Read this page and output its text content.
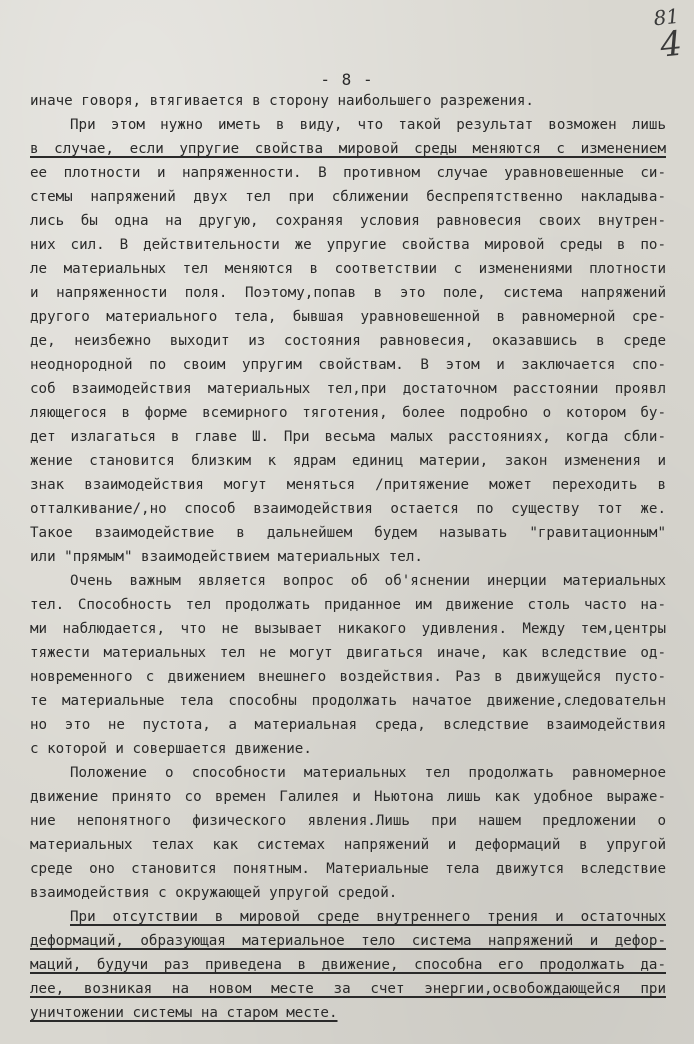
81
4
- 8 -
иначе говоря, втягивается в сторону наибольшего разрежения.
При этом нужно иметь в виду, что такой результат возможен лишь
в случае, если упругие свойства мировой среды меняются с изменением
ее плотности и напряженности. В противном случае уравновешенные си-
стемы напряжений двух тел при сближении беспрепятственно накладыва-
лись бы одна на другую, сохраняя условия равновесия своих внутрен-
них сил. В действительности же упругие свойства мировой среды в по-
ле материальных тел меняются в соответствии с изменениями плотности
и напряженности поля. Поэтому,попав в это поле, система напряжений
другого материального тела, бывшая уравновешенной в равномерной сре-
де, неизбежно выходит из состояния равновесия, оказавшись в среде
неоднородной по своим упругим свойствам. В этом и заключается спо-
соб взаимодействия материальных тел,при достаточном расстоянии проявл
ляющегося в форме всемирного тяготения, более подробно о котором бу-
дет излагаться в главе Ш. При весьма малых расстояниях, когда сбли-
жение становится близким к ядрам единиц материи, закон изменения и
знак взаимодействия могут меняться /притяжение может переходить в
отталкивание/,но способ взаимодействия остается по существу тот же.
Такое взаимодействие в дальнейшем будем называть "гравитационным"
или "прямым" взаимодействием материальных тел.
Очень важным является вопрос об об'яснении инерции материальных
тел. Способность тел продолжать приданное им движение столь часто на-
ми наблюдается, что не вызывает никакого удивления. Между тем,центры
тяжести материальных тел не могут двигаться иначе, как вследствие од-
новременного с движением внешнего воздействия. Раз в движущейся пусто-
те материальные тела способны продолжать начатое движение,следовательн
но это не пустота, а материальная среда, вследствие взаимодействия
с которой и совершается движение.
Положение о способности материальных тел продолжать равномерное
движение принято со времен Галилея и Ньютона лишь как удобное выраже-
ние непонятного физического явления.Лишь при нашем предложении о
материальных телах как системах напряжений и деформаций в упругой
среде оно становится понятным. Материальные тела движутся вследствие
взаимодействия с окружающей упругой средой.
При отсутствии в мировой среде внутреннего трения и остаточных
деформаций, образующая материальное тело система напряжений и дефор-
маций, будучи раз приведена в движение, способна его продолжать да-
лее, возникая на новом месте за счет энергии,освобождающейся при
уничтожении системы на старом месте.
